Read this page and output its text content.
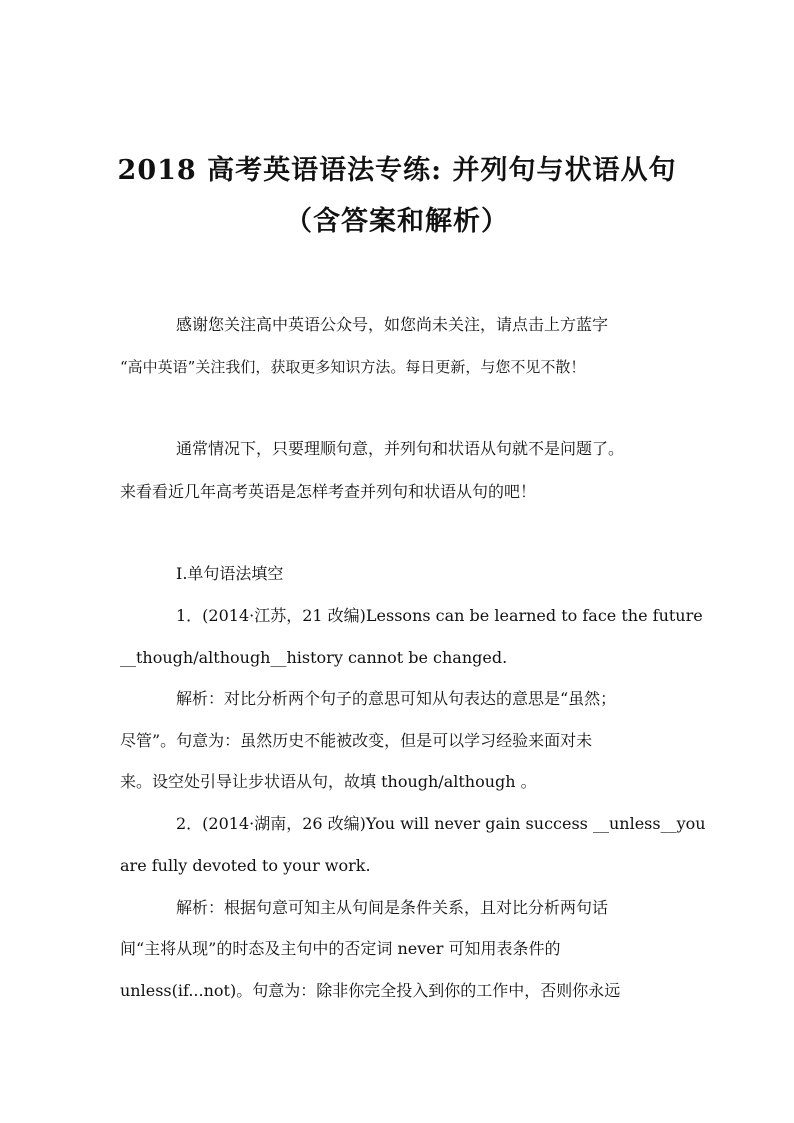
2018 高考英语语法专练: 并列句与状语从句
（含答案和解析）
感谢您关注高中英语公众号，如您尚未关注，请点击上方蓝字
“高中英语”关注我们，获取更多知识方法。每日更新，与您不见不散！
通常情况下，只要理顺句意，并列句和状语从句就不是问题了。
来看看近几年高考英语是怎样考查并列句和状语从句的吧！
Ⅰ.单句语法填空
1．(2014·江苏，21 改编)Lessons can be learned to face the future
__though/although__history cannot be changed.
解析：对比分析两个句子的意思可知从句表达的意思是“虽然；
尽管”。句意为：虽然历史不能被改变，但是可以学习经验来面对未
来。设空处引导让步状语从句，故填 though/although 。
2．(2014·湖南，26 改编)You will never gain success __unless__you
are fully devoted to your work.
解析：根据句意可知主从句间是条件关系，且对比分析两句话
间“主将从现”的时态及主句中的否定词 never 可知用表条件的
unless(if...not)。句意为：除非你完全投入到你的工作中，否则你永远
